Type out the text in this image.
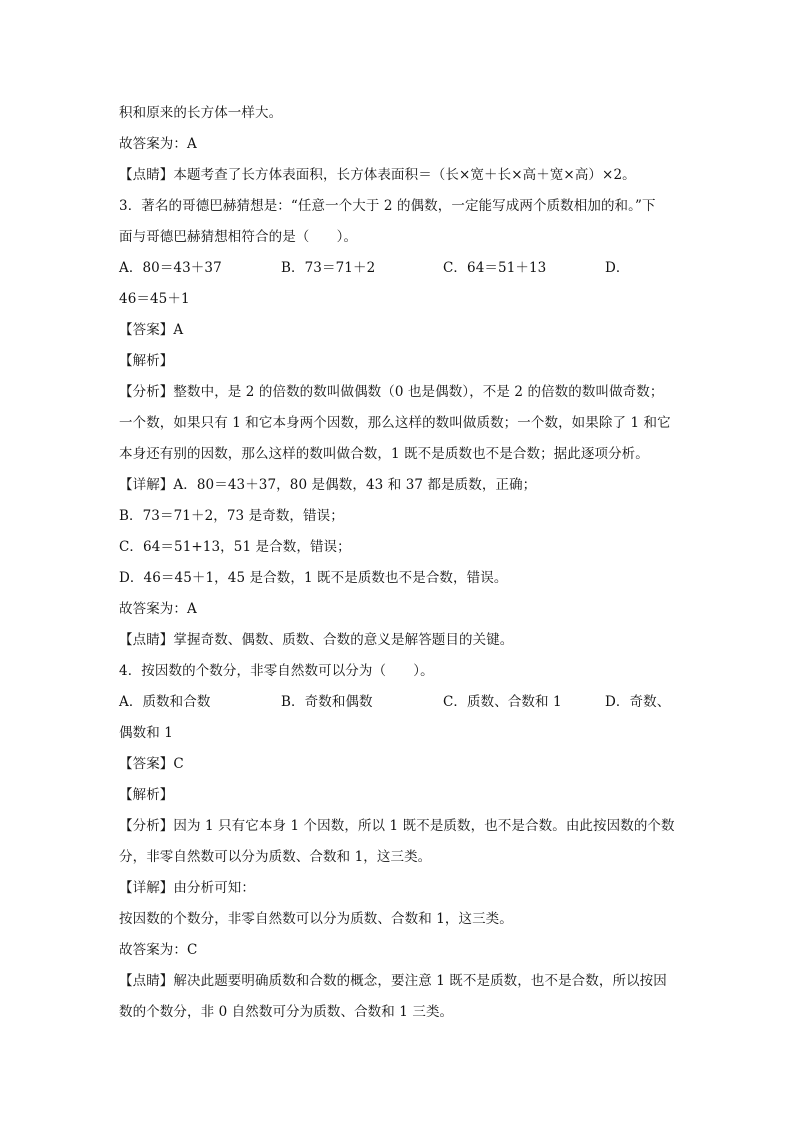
积和原来的长方体一样大。
故答案为：A
【点睛】本题考查了长方体表面积，长方体表面积＝（长×宽＋长×高＋宽×高）×2。
3．著名的哥德巴赫猜想是：“任意一个大于 2 的偶数，一定能写成两个质数相加的和。”下
面与哥德巴赫猜想相符合的是（　　）。
A．80＝43＋37	B．73＝71＋2	C．64＝51＋13	D．
46＝45＋1
【答案】A
【解析】
【分析】整数中，是 2 的倍数的数叫做偶数（0 也是偶数），不是 2 的倍数的数叫做奇数；
一个数，如果只有 1 和它本身两个因数，那么这样的数叫做质数；一个数，如果除了 1 和它
本身还有别的因数，那么这样的数叫做合数，1 既不是质数也不是合数；据此逐项分析。
【详解】A．80＝43＋37，80 是偶数，43 和 37 都是质数，正确；
B．73＝71＋2，73 是奇数，错误；
C．64＝51+13，51 是合数，错误；
D．46＝45＋1，45 是合数，1 既不是质数也不是合数，错误。
故答案为：A
【点睛】掌握奇数、偶数、质数、合数的意义是解答题目的关键。
4．按因数的个数分，非零自然数可以分为（　　）。
A．质数和合数	B．奇数和偶数	C．质数、合数和 1	D．奇数、
偶数和 1
【答案】C
【解析】
【分析】因为 1 只有它本身 1 个因数，所以 1 既不是质数，也不是合数。由此按因数的个数
分，非零自然数可以分为质数、合数和 1，这三类。
【详解】由分析可知：
按因数的个数分，非零自然数可以分为质数、合数和 1，这三类。
故答案为：C
【点睛】解决此题要明确质数和合数的概念，要注意 1 既不是质数，也不是合数，所以按因
数的个数分，非 0 自然数可分为质数、合数和 1 三类。
